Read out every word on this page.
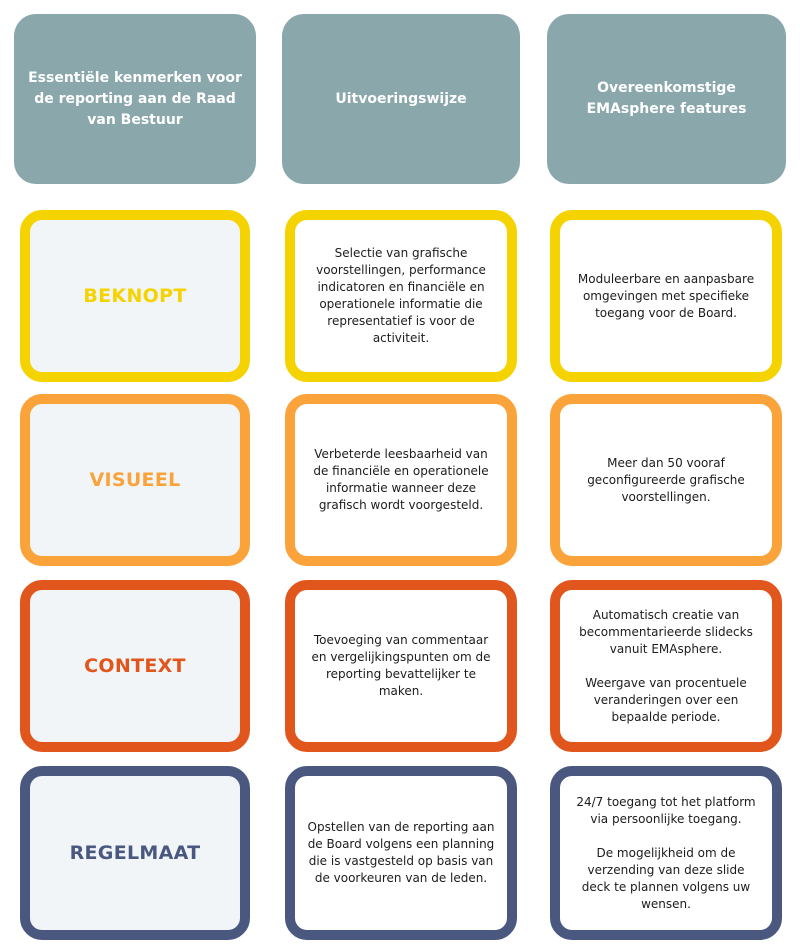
Essentiële kenmerken voor de reporting aan de Raad van Bestuur
Uitvoeringswijze
Overeenkomstige EMAsphere features
BEKNOPT
Selectie van grafische voorstellingen, performance indicatoren en financiële en operationele informatie die representatief is voor de activiteit.
Moduleerbare en aanpasbare omgevingen met specifieke toegang voor de Board.
VISUEEL
Verbeterde leesbaarheid van de financiële en operationele informatie wanneer deze grafisch wordt voorgesteld.
Meer dan 50 vooraf geconfigureerde grafische voorstellingen.
CONTEXT
Toevoeging van commentaar en vergelijkingspunten om de reporting bevattelijker te maken.
Automatisch creatie van becommentarieerde slidecks vanuit EMAsphere.

Weergave van procentuele veranderingen over een bepaalde periode.
REGELMAAT
Opstellen van de reporting aan de Board volgens een planning die is vastgesteld op basis van de voorkeuren van de leden.
24/7 toegang tot het platform via persoonlijke toegang.

De mogelijkheid om de verzending van deze slide deck te plannen volgens uw wensen.
